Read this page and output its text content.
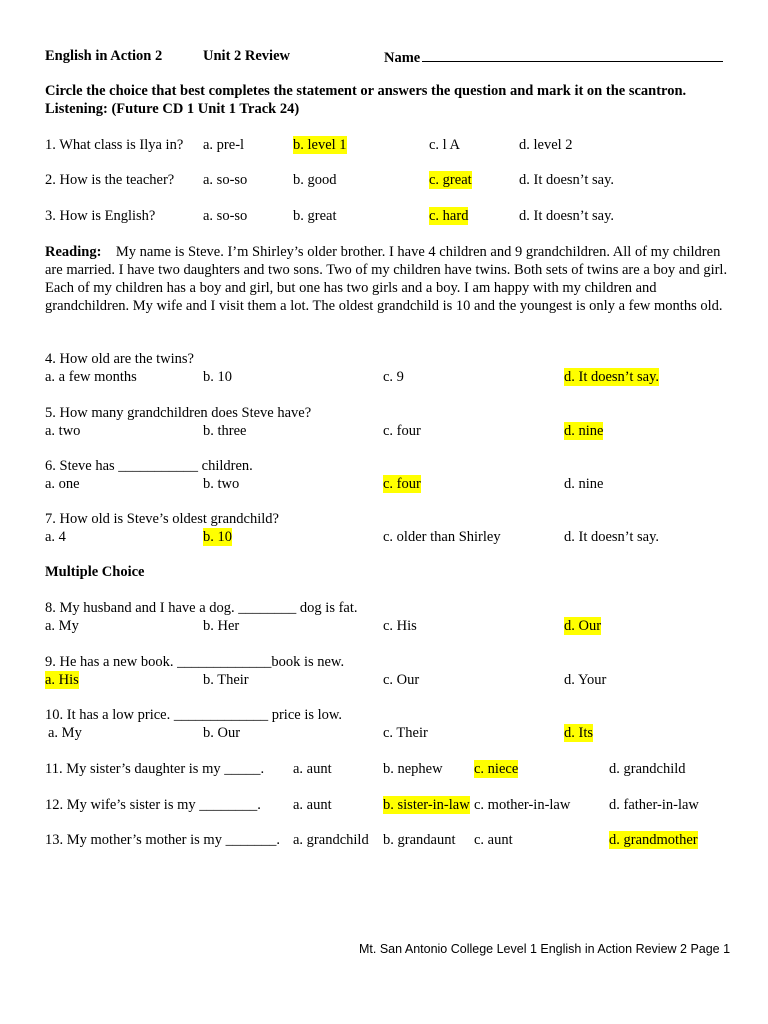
English in Action 2	Unit 2 Review	Name
Circle the choice that best completes the statement or answers the question and mark it on the scantron.
Listening: (Future CD 1 Unit 1 Track 24)
1. What class is Ilya in? a. pre-l	b. level 1	c. l A	d. level 2
2. How is the teacher? a. so-so	b. good	c. great	d. It doesn’t say.
3. How is English?	a. so-so	b. great	c. hard	d. It doesn’t say.
Reading: My name is Steve. I’m Shirley’s older brother. I have 4 children and 9 grandchildren. All of my children are married. I have two daughters and two sons. Two of my children have twins. Both sets of twins are a boy and girl. Each of my children has a boy and girl, but one has two girls and a boy. I am happy with my children and grandchildren. My wife and I visit them a lot. The oldest grandchild is 10 and the youngest is only a few months old.
4. How old are the twins?
a. a few months	b. 10	c. 9	d. It doesn’t say.
5. How many grandchildren does Steve have?
a. two	b. three	c. four	d. nine
6. Steve has ___________ children.
a. one	b. two	c. four	d. nine
7. How old is Steve’s oldest grandchild?
a. 4	b. 10	c. older than Shirley	d. It doesn’t say.
Multiple Choice
8. My husband and I have a dog. ________ dog is fat.
a. My	b. Her	c. His	d. Our
9. He has a new book. _____________book is new.
a. His	b. Their	c. Our	d. Your
10. It has a low price. _____________ price is low.
a. My	b. Our	c. Their	d. Its
11. My sister’s daughter is my _____. a. aunt	b. nephew c. niece	d. grandchild
12. My wife’s sister is my ________. a. aunt	b. sister-in-law c. mother-in-law	d. father-in-law
13. My mother’s mother is my _______. a. grandchild b. grandaunt c. aunt	d. grandmother
Mt. San Antonio College Level 1 English in Action Review 2 Page 1
